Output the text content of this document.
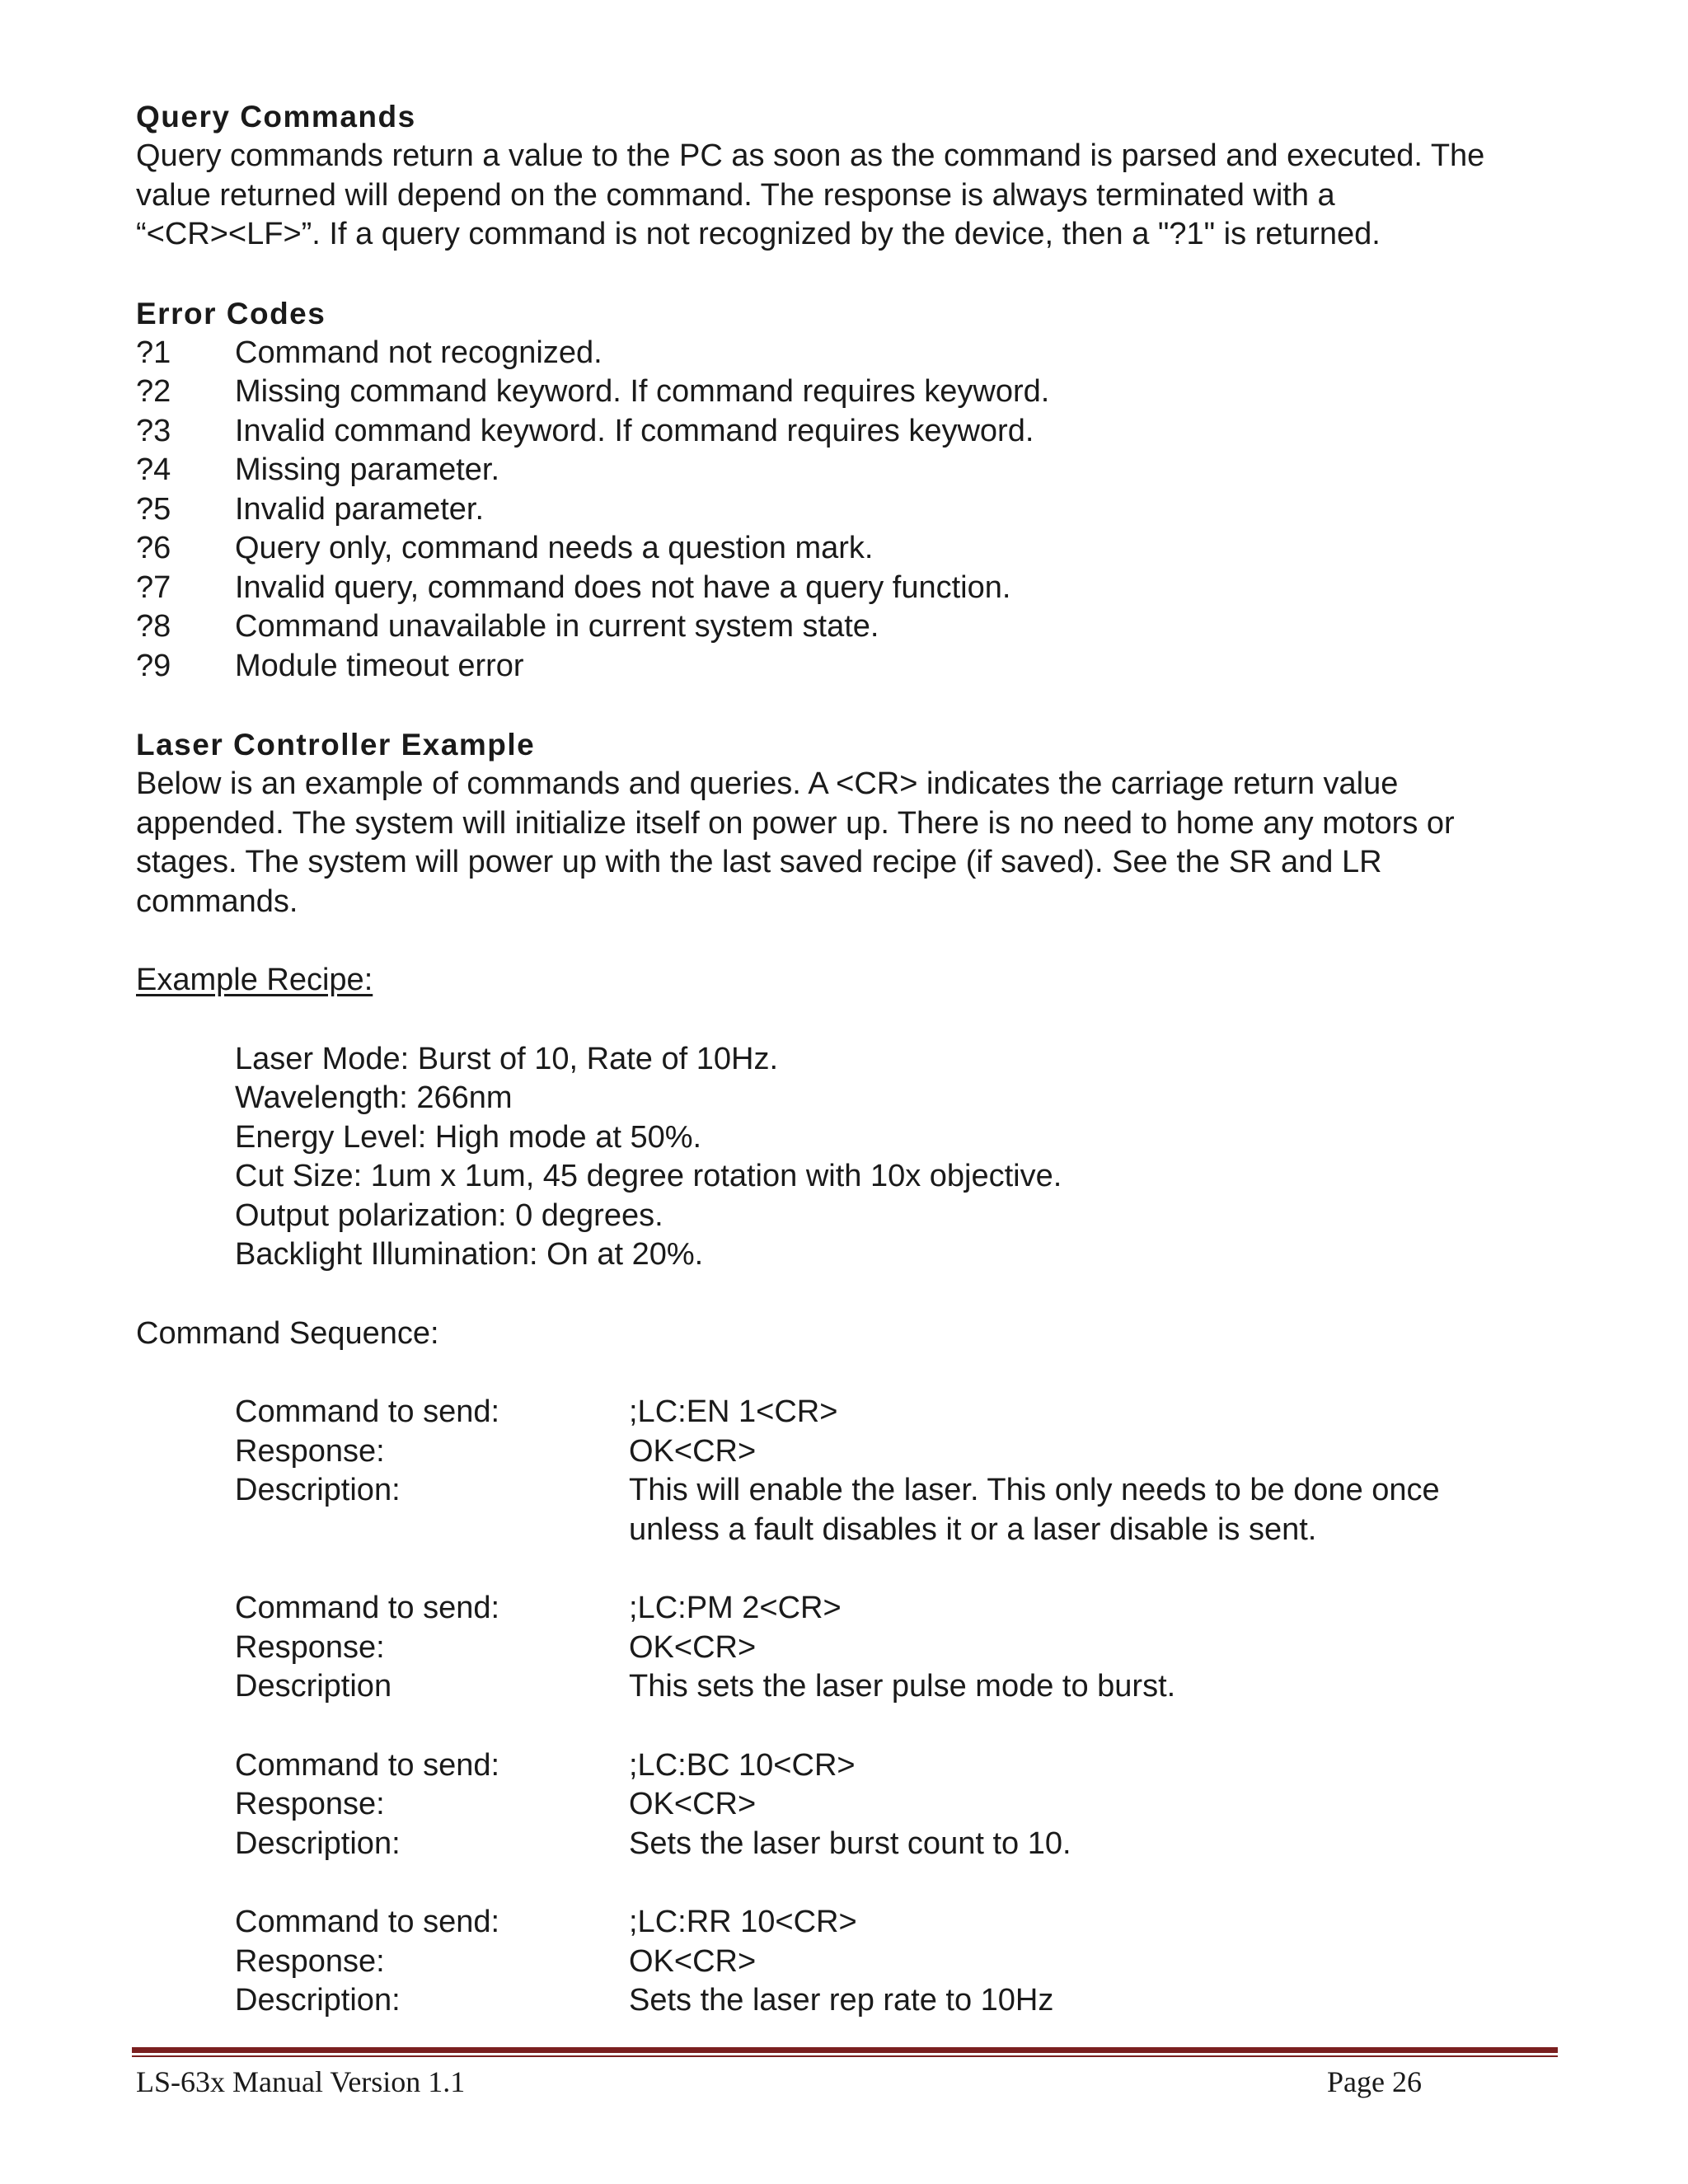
Query Commands

Query commands return a value to the PC as soon as the command is parsed and executed. The

value returned will depend on the command. The response is always terminated with a

“<CR><LF>”. If a query command is not recognized by the device, then a "?1" is returned.

Error Codes
?1	Command not recognized.
?2	Missing command keyword. If command requires keyword.
?3	Invalid command keyword. If command requires keyword.
?4	Missing parameter.
?5	Invalid parameter.
?6	Query only, command needs a question mark.
?7	Invalid query, command does not have a query function.
?8	Command unavailable in current system state.
?9	Module timeout error
Laser Controller Example

Below is an example of commands and queries. A <CR> indicates the carriage return value

appended. The system will initialize itself on power up. There is no need to home any motors or

stages. The system will power up with the last saved recipe (if saved). See the SR and LR

commands.

Example Recipe:

Laser Mode: Burst of 10, Rate of 10Hz.
Wavelength: 266nm
Energy Level: High mode at 50%.
Cut Size: 1um x 1um, 45 degree rotation with 10x objective.
Output polarization: 0 degrees.
Backlight Illumination: On at 20%.

Command Sequence:

Command to send:	;LC:EN 1<CR>
Response:	OK<CR>
Description:	This will enable the laser. This only needs to be done once
unless a fault disables it or a laser disable is sent.
Command to send:	;LC:PM 2<CR>
Response:	OK<CR>
Description	This sets the laser pulse mode to burst.
Command to send:	;LC:BC 10<CR>
Response:	OK<CR>
Description:	Sets the laser burst count to 10.
Command to send:	;LC:RR 10<CR>
Response:	OK<CR>
Description:	Sets the laser rep rate to 10Hz
LS-63x Manual Version 1.1	Page 26
